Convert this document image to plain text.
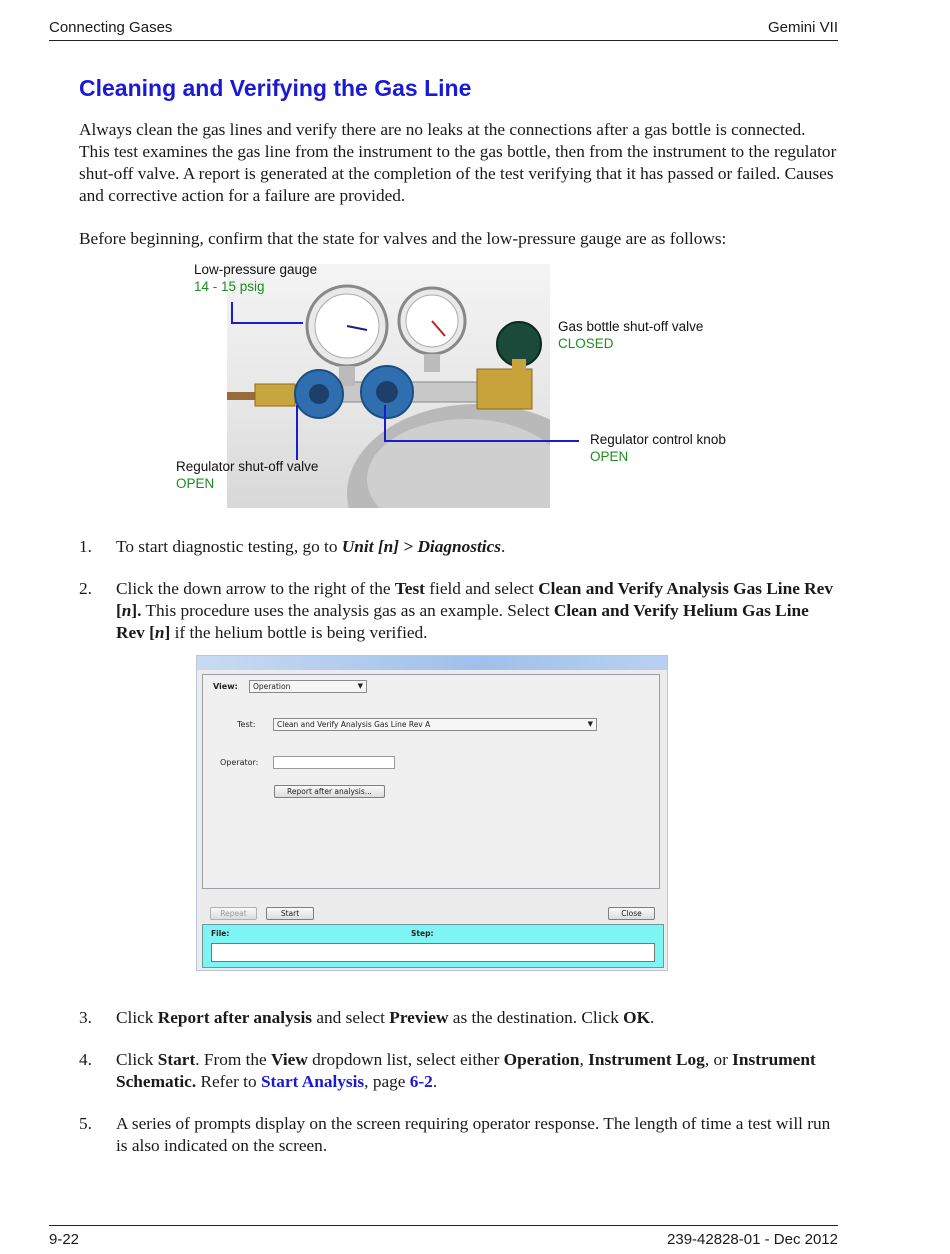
Connecting Gases	Gemini VII
Cleaning and Verifying the Gas Line

Always clean the gas lines and verify there are no leaks at the connections after a gas bottle is connected. This test examines the gas line from the instrument to the gas bottle, then from the instrument to the regulator shut-off valve. A report is generated at the completion of the test verifying that it has passed or failed. Causes and corrective action for a failure are provided.

Before beginning, confirm that the state for valves and the low-pressure gauge are as follows:

Low-pressure gauge
14 - 15 psig
Gas bottle shut-off valve
CLOSED
Regulator control knob
OPEN
Regulator shut-off valve
OPEN
1. To start diagnostic testing, go to Unit [n] > Diagnostics.
2. Click the down arrow to the right of the Test field and select Clean and Verify Analysis Gas Line Rev [n]. This procedure uses the analysis gas as an example. Select Clean and Verify Helium Gas Line Rev [n] if the helium bottle is being verified.
View:	Operation	▼
Test:	Clean and Verify Analysis Gas Line Rev A	▼
Operator:
Report after analysis...
Repeat	Start	Close
File:	Step:
3. Click Report after analysis and select Preview as the destination. Click OK.
4. Click Start. From the View dropdown list, select either Operation, Instrument Log, or Instrument Schematic. Refer to Start Analysis, page 6-2.
5. A series of prompts display on the screen requiring operator response. The length of time a test will run is also indicated on the screen.
9-22	239-42828-01 - Dec 2012
